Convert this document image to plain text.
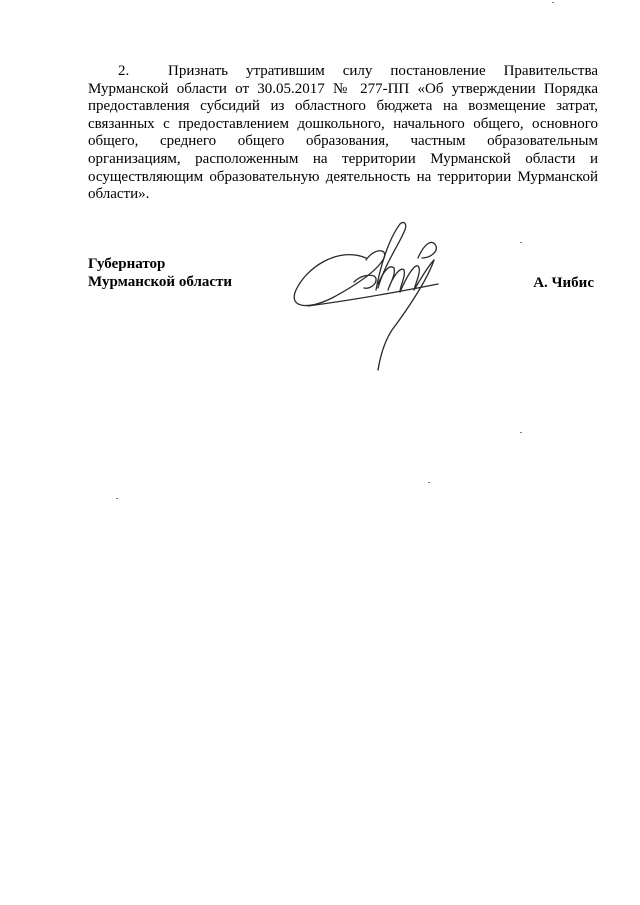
2.	Признать утратившим силу постановление Правительства Мурманской области от 30.05.2017 № 277-ПП «Об утверждении Порядка предоставления субсидий из областного бюджета на возмещение затрат, связанных с предоставлением дошкольного, начального общего, основного общего, среднего общего образования, частным образовательным организациям, расположенным на территории Мурманской области и осуществляющим образовательную деятельность на территории Мурманской области».

Губернатор
Мурманской области	А. Чибис
